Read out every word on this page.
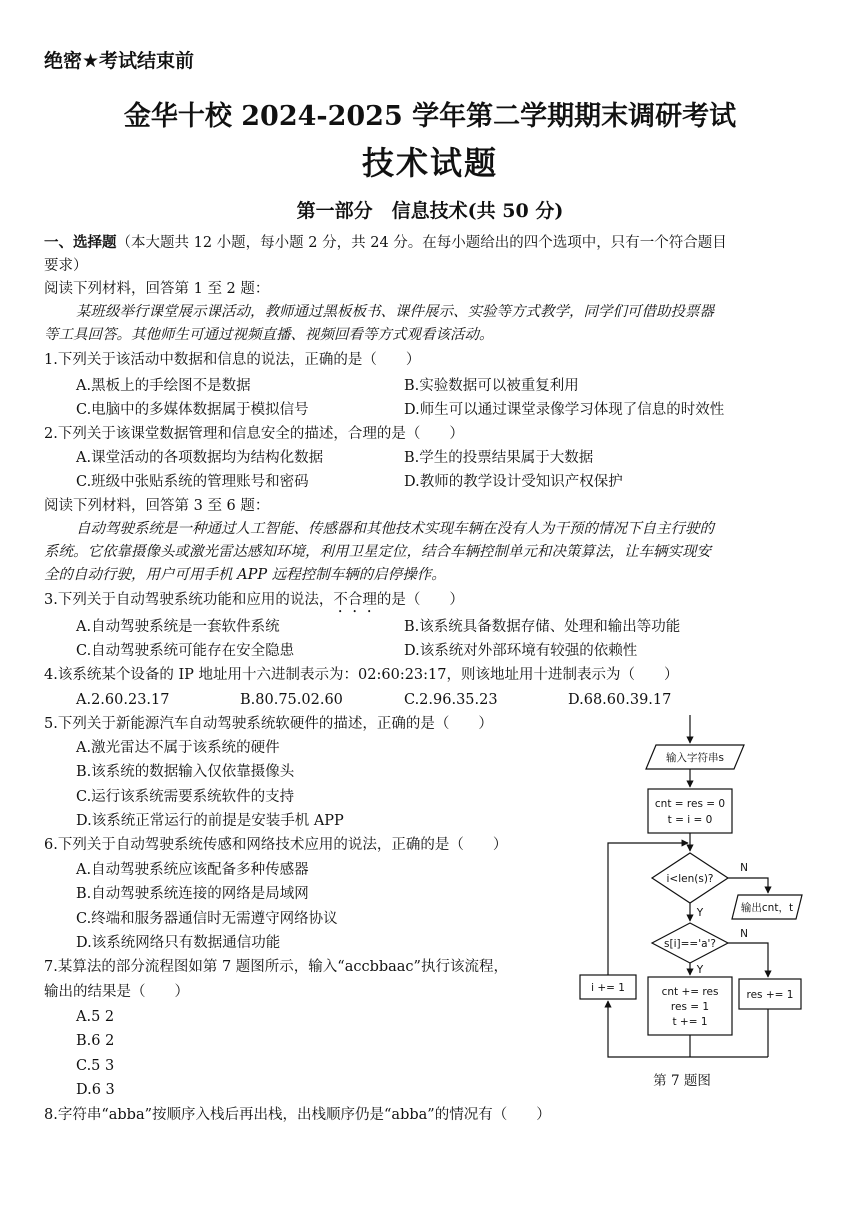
绝密★考试结束前
金华十校 2024-2025 学年第二学期期末调研考试
技术试题
第一部分　信息技术(共 50 分)
一、选择题（本大题共 12 小题，每小题 2 分，共 24 分。在每小题给出的四个选项中，只有一个符合题目
要求）
阅读下列材料，回答第 1 至 2 题：
某班级举行课堂展示课活动，教师通过黑板板书、课件展示、实验等方式教学，同学们可借助投票器
等工具回答。其他师生可通过视频直播、视频回看等方式观看该活动。
1.下列关于该活动中数据和信息的说法，正确的是（　　）
A.黑板上的手绘图不是数据	B.实验数据可以被重复利用
C.电脑中的多媒体数据属于模拟信号	D.师生可以通过课堂录像学习体现了信息的时效性
2.下列关于该课堂数据管理和信息安全的描述，合理的是（　　）
A.课堂活动的各项数据均为结构化数据	B.学生的投票结果属于大数据
C.班级中张贴系统的管理账号和密码	D.教师的教学设计受知识产权保护
阅读下列材料，回答第 3 至 6 题：
自动驾驶系统是一种通过人工智能、传感器和其他技术实现车辆在没有人为干预的情况下自主行驶的
系统。它依靠摄像头或激光雷达感知环境，利用卫星定位，结合车辆控制单元和决策算法，让车辆实现安
全的自动行驶，用户可用手机 APP 远程控制车辆的启停操作。
3.下列关于自动驾驶系统功能和应用的说法，不合理的是（　　）
A.自动驾驶系统是一套软件系统	B.该系统具备数据存储、处理和输出等功能
C.自动驾驶系统可能存在安全隐患	D.该系统对外部环境有较强的依赖性
4.该系统某个设备的 IP 地址用十六进制表示为：02:60:23:17，则该地址用十进制表示为（　　）
A.2.60.23.17	B.80.75.02.60	C.2.96.35.23	D.68.60.39.17
5.下列关于新能源汽车自动驾驶系统软硬件的描述，正确的是（　　）
A.激光雷达不属于该系统的硬件
B.该系统的数据输入仅依靠摄像头
C.运行该系统需要系统软件的支持
D.该系统正常运行的前提是安装手机 APP
6.下列关于自动驾驶系统传感和网络技术应用的说法，正确的是（　　）
A.自动驾驶系统应该配备多种传感器
B.自动驾驶系统连接的网络是局域网
C.终端和服务器通信时无需遵守网络协议
D.该系统网络只有数据通信功能
7.某算法的部分流程图如第 7 题图所示，输入“accbbaac”执行该流程，
输出的结果是（　　）
A.5 2
B.6 2
C.5 3
D.6 3
8.字符串“abba”按顺序入栈后再出栈，出栈顺序仍是“abba”的情况有（　　）
输入字符串s
cnt = res = 0
t = i = 0
i<len(s)?
N
Y	输出cnt，t
s[i]=='a'?
N
Y
cnt += res
res = 1
t += 1
res += 1
i += 1
第 7 题图
